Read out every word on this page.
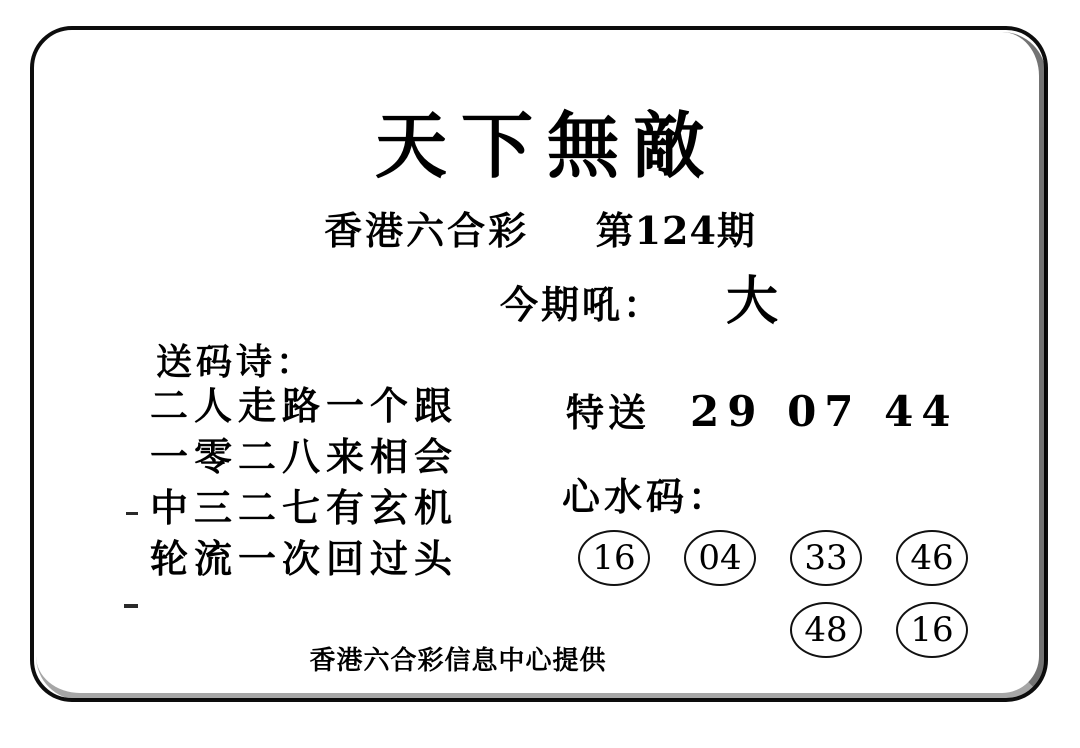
天下無敵
香港六合彩 第124期
今期吼： 大
送码诗：
二人走路一个跟
一零二八来相会
中三二七有玄机
轮流一次回过头
特送 29 07 44
心水码：
16	04	33	46
48	16
香港六合彩信息中心提供
